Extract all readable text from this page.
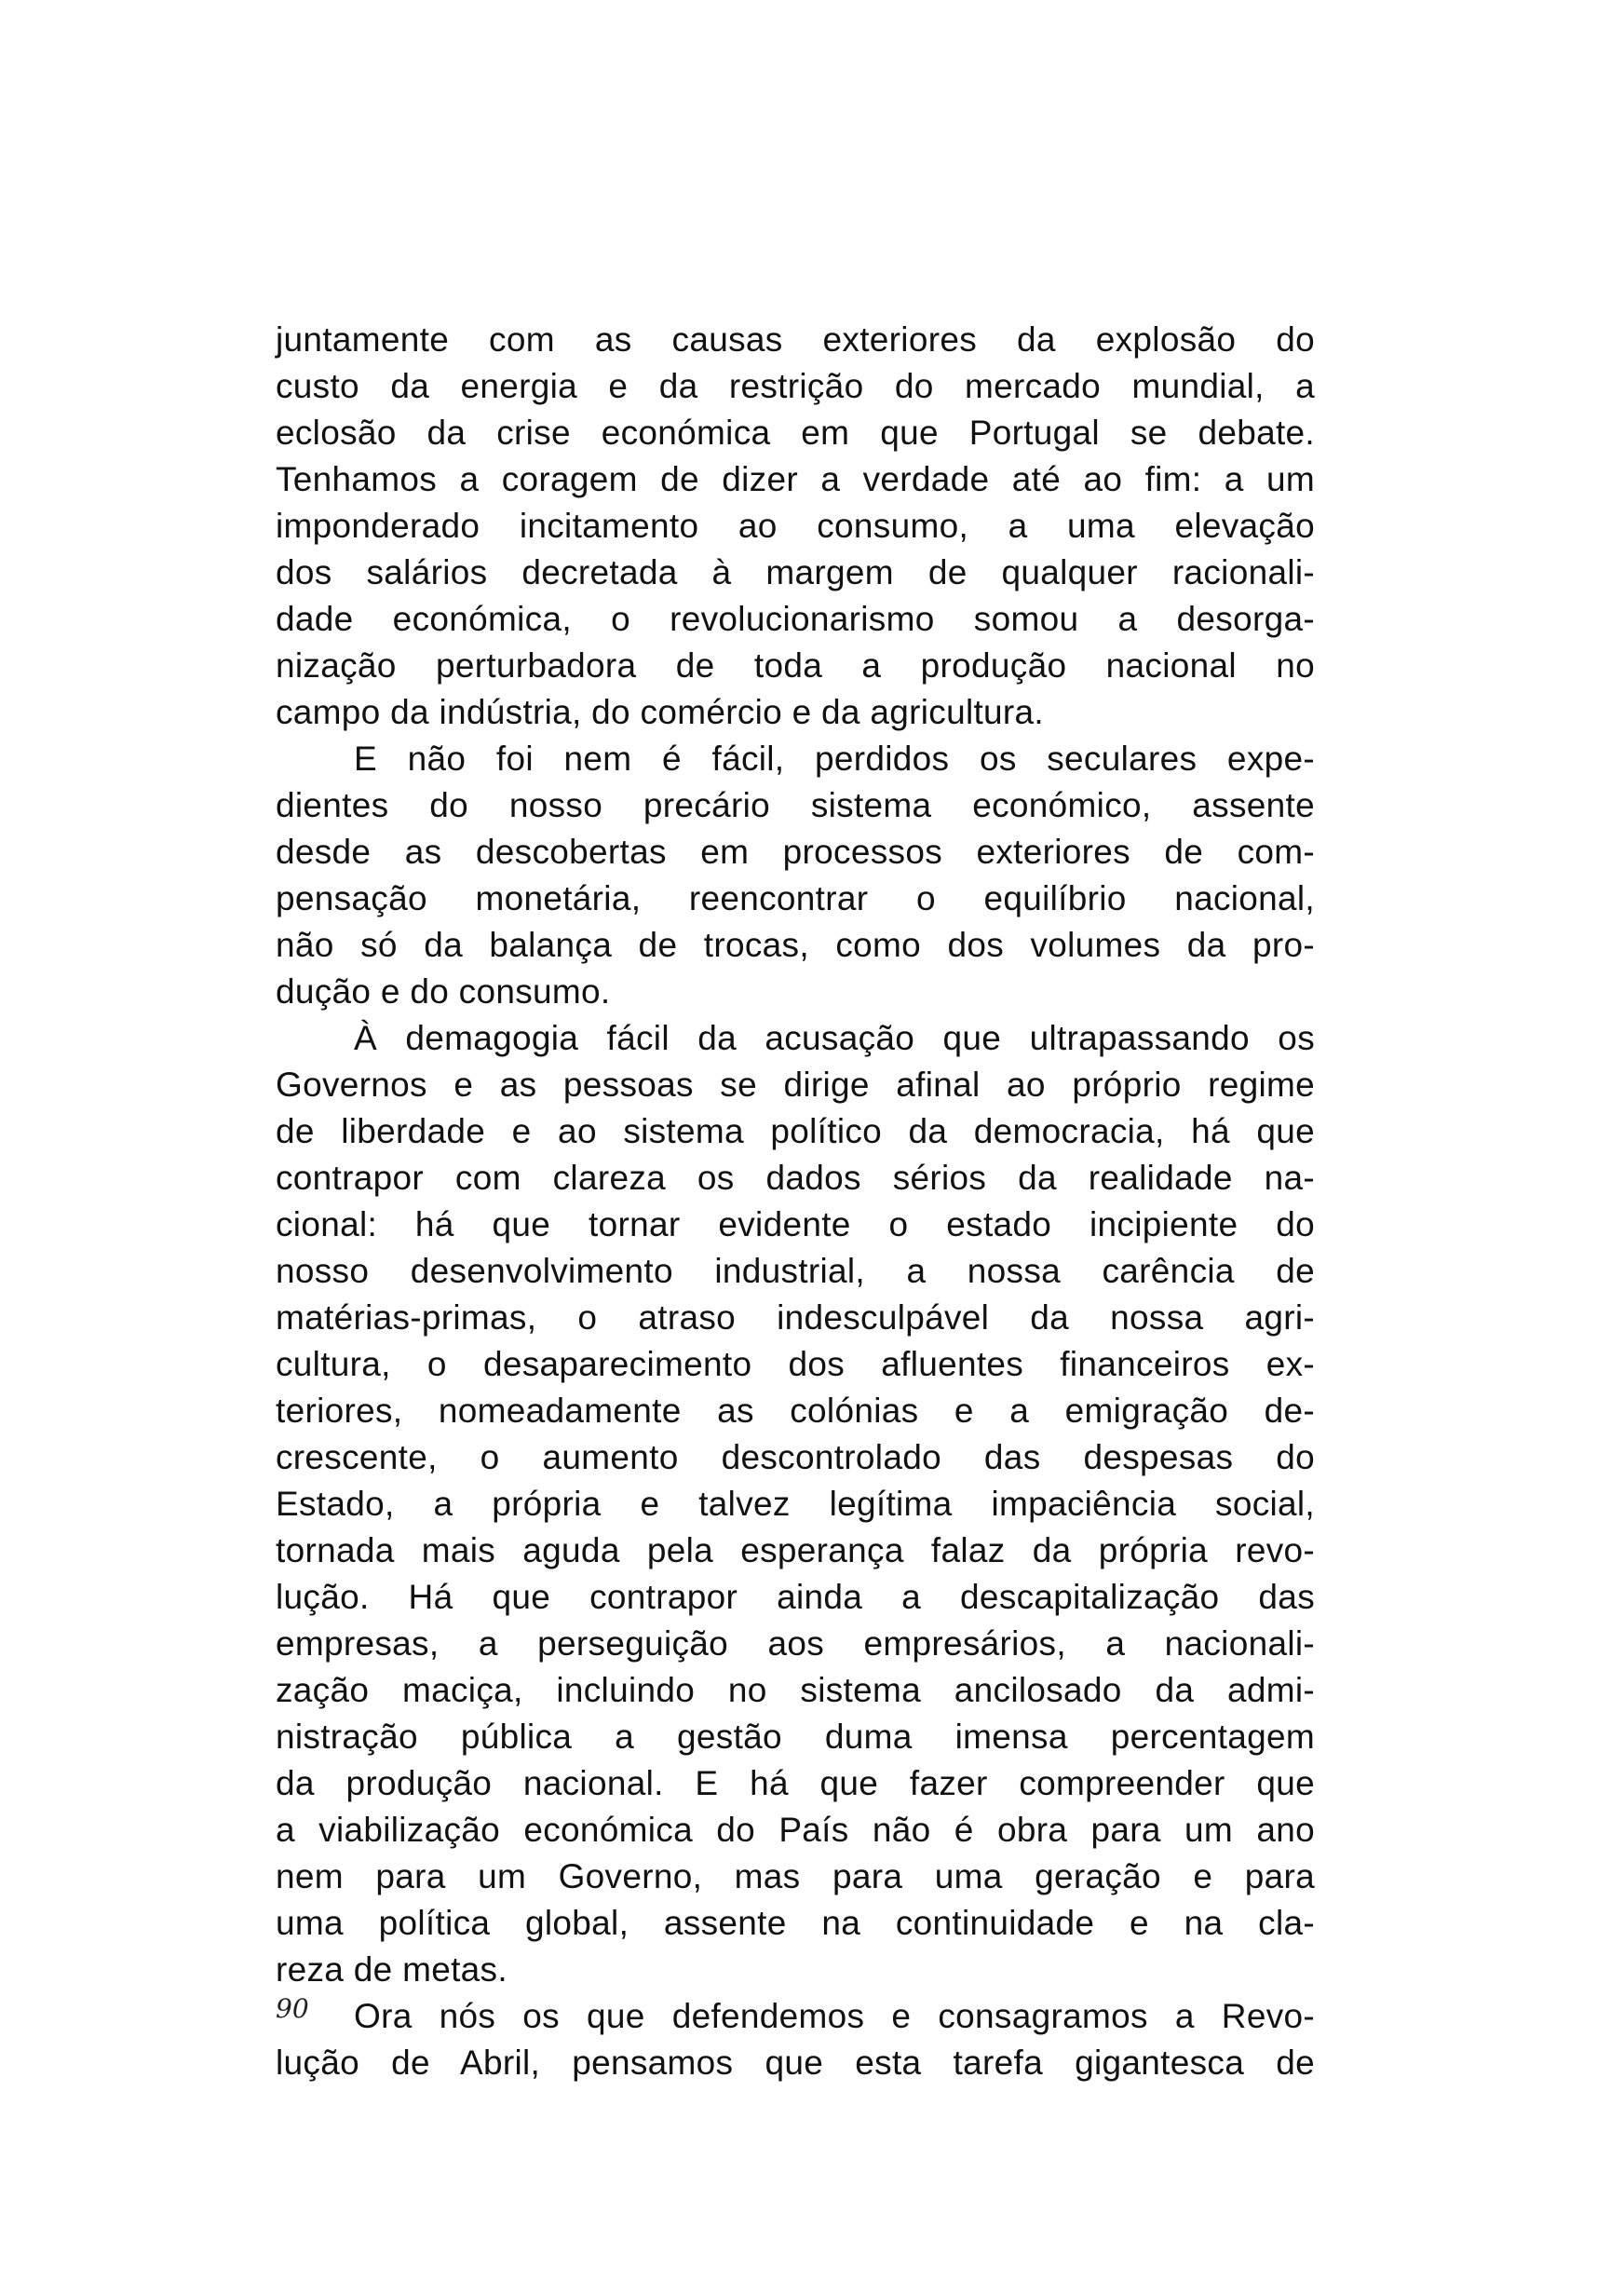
juntamente com as causas exteriores da explosão do
custo da energia e da restrição do mercado mundial, a
eclosão da crise económica em que Portugal se debate.
Tenhamos a coragem de dizer a verdade até ao fim: a um
imponderado incitamento ao consumo, a uma elevação
dos salários decretada à margem de qualquer racionali-
dade económica, o revolucionarismo somou a desorga-
nização perturbadora de toda a produção nacional no
campo da indústria, do comércio e da agricultura.
E não foi nem é fácil, perdidos os seculares expe-
dientes do nosso precário sistema económico, assente
desde as descobertas em processos exteriores de com-
pensação monetária, reencontrar o equilíbrio nacional,
não só da balança de trocas, como dos volumes da pro-
dução e do consumo.
À demagogia fácil da acusação que ultrapassando os
Governos e as pessoas se dirige afinal ao próprio regime
de liberdade e ao sistema político da democracia, há que
contrapor com clareza os dados sérios da realidade na-
cional: há que tornar evidente o estado incipiente do
nosso desenvolvimento industrial, a nossa carência de
matérias-primas, o atraso indesculpável da nossa agri-
cultura, o desaparecimento dos afluentes financeiros ex-
teriores, nomeadamente as colónias e a emigração de-
crescente, o aumento descontrolado das despesas do
Estado, a própria e talvez legítima impaciência social,
tornada mais aguda pela esperança falaz da própria revo-
lução. Há que contrapor ainda a descapitalização das
empresas, a perseguição aos empresários, a nacionali-
zação maciça, incluindo no sistema ancilosado da admi-
nistração pública a gestão duma imensa percentagem
da produção nacional. E há que fazer compreender que
a viabilização económica do País não é obra para um ano
nem para um Governo, mas para uma geração e para
uma política global, assente na continuidade e na cla-
reza de metas.
Ora nós os que defendemos e consagramos a Revo-
lução de Abril, pensamos que esta tarefa gigantesca de
90
